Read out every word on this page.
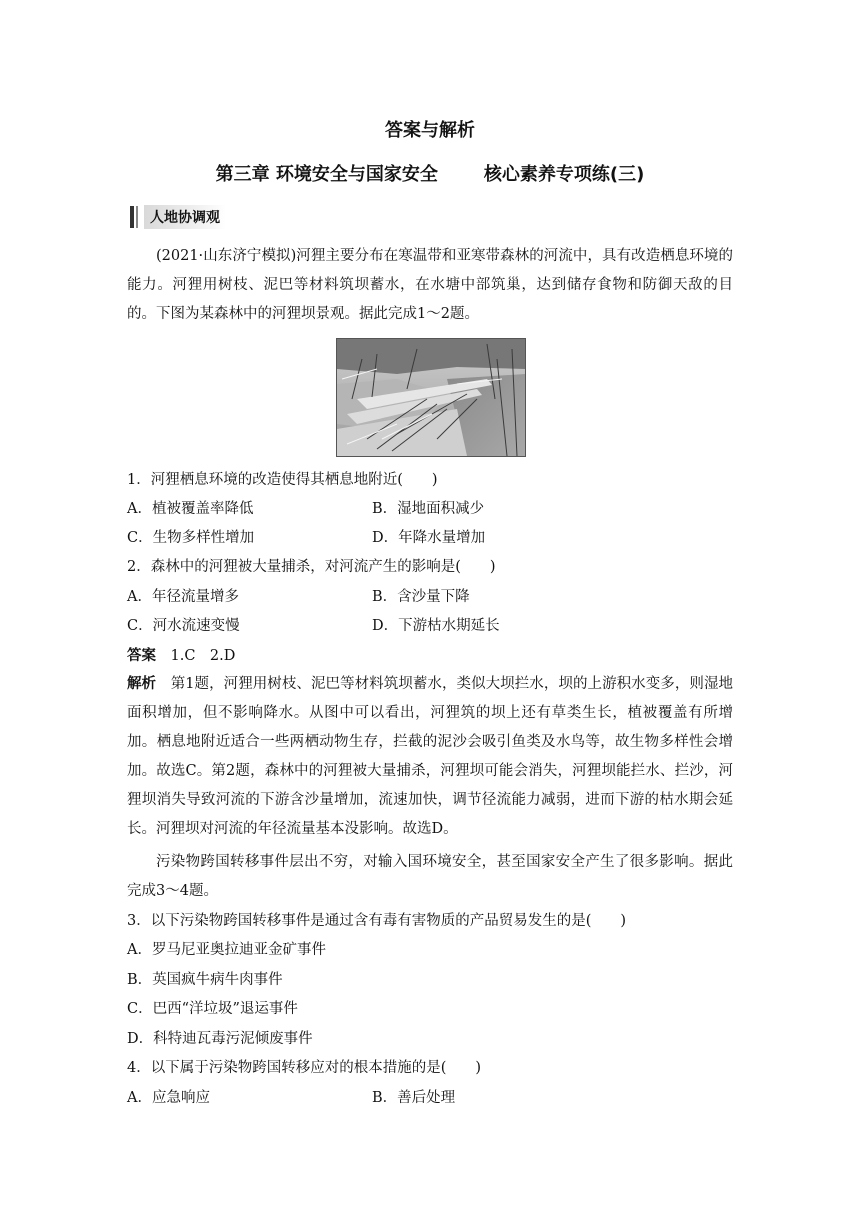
答案与解析
第三章 环境安全与国家安全	核心素养专项练(三)
人地协调观
(2021·山东济宁模拟)河狸主要分布在寒温带和亚寒带森林的河流中，具有改造栖息环境的能力。河狸用树枝、泥巴等材料筑坝蓄水，在水塘中部筑巢，达到储存食物和防御天敌的目的。下图为某森林中的河狸坝景观。据此完成1～2题。
1．河狸栖息环境的改造使得其栖息地附近(　　)
A．植被覆盖率降低	B．湿地面积减少
C．生物多样性增加	D．年降水量增加
2．森林中的河狸被大量捕杀，对河流产生的影响是(　　)
A．年径流量增多	B．含沙量下降
C．河水流速变慢	D．下游枯水期延长
答案　 1.C　2.D
解析　 第1题，河狸用树枝、泥巴等材料筑坝蓄水，类似大坝拦水，坝的上游积水变多，则湿地面积增加，但不影响降水。从图中可以看出，河狸筑的坝上还有草类生长，植被覆盖有所增加。栖息地附近适合一些两栖动物生存，拦截的泥沙会吸引鱼类及水鸟等，故生物多样性会增加。故选C。第2题，森林中的河狸被大量捕杀，河狸坝可能会消失，河狸坝能拦水、拦沙，河狸坝消失导致河流的下游含沙量增加，流速加快，调节径流能力减弱，进而下游的枯水期会延长。河狸坝对河流的年径流量基本没影响。故选D。
污染物跨国转移事件层出不穷，对输入国环境安全，甚至国家安全产生了很多影响。据此完成3～4题。
3．以下污染物跨国转移事件是通过含有毒有害物质的产品贸易发生的是(　　)
A．罗马尼亚奥拉迪亚金矿事件
B．英国疯牛病牛肉事件
C．巴西“洋垃圾”退运事件
D．科特迪瓦毒污泥倾废事件
4．以下属于污染物跨国转移应对的根本措施的是(　　)
A．应急响应	B．善后处理
